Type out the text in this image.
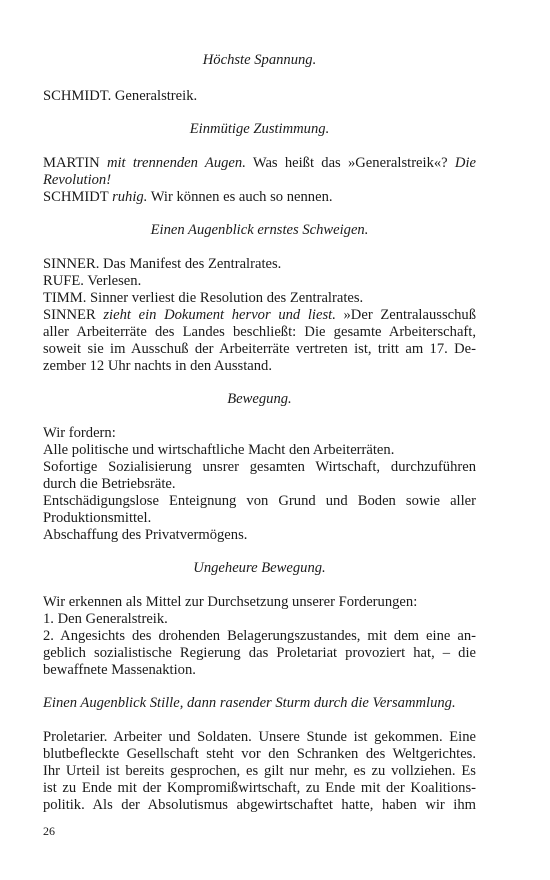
Höchste Spannung.
SCHMIDT. Generalstreik.
Einmütige Zustimmung.
MARTIN mit trennenden Augen. Was heißt das »Generalstreik«? Die
Revolution!
SCHMIDT ruhig. Wir können es auch so nennen.
Einen Augenblick ernstes Schweigen.
SINNER. Das Manifest des Zentralrates.
RUFE. Verlesen.
TIMM. Sinner verliest die Resolution des Zentralrates.
SINNER zieht ein Dokument hervor und liest. »Der Zentralausschuß
aller Arbeiterräte des Landes beschließt: Die gesamte Arbeiterschaft,
soweit sie im Ausschuß der Arbeiterräte vertreten ist, tritt am 17. De-
zember 12 Uhr nachts in den Ausstand.
Bewegung.
Wir fordern:
Alle politische und wirtschaftliche Macht den Arbeiterräten.
Sofortige Sozialisierung unsrer gesamten Wirtschaft, durchzuführen
durch die Betriebsräte.
Entschädigungslose Enteignung von Grund und Boden sowie aller
Produktionsmittel.
Abschaffung des Privatvermögens.
Ungeheure Bewegung.
Wir erkennen als Mittel zur Durchsetzung unserer Forderungen:
1. Den Generalstreik.
2. Angesichts des drohenden Belagerungszustandes, mit dem eine an-
geblich sozialistische Regierung das Proletariat provoziert hat, – die
bewaffnete Massenaktion.
Einen Augenblick Stille, dann rasender Sturm durch die Versammlung.
Proletarier. Arbeiter und Soldaten. Unsere Stunde ist gekommen. Eine
blutbefleckte Gesellschaft steht vor den Schranken des Weltgerichtes.
Ihr Urteil ist bereits gesprochen, es gilt nur mehr, es zu vollziehen. Es
ist zu Ende mit der Kompromißwirtschaft, zu Ende mit der Koalitions-
politik. Als der Absolutismus abgewirtschaftet hatte, haben wir ihm
26
